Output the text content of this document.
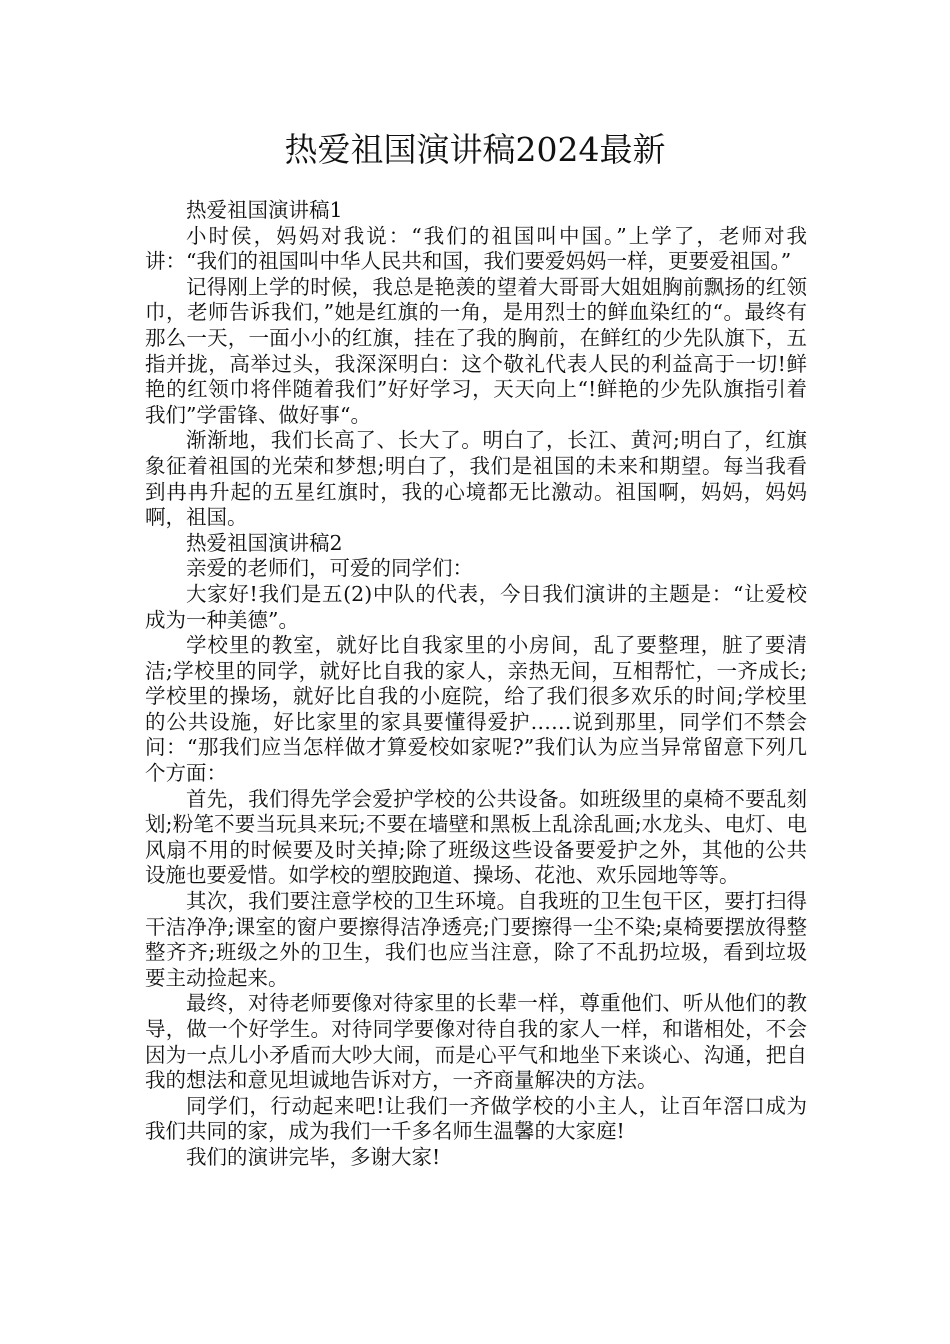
热爱祖国演讲稿2024最新

热爱祖国演讲稿1

小时侯，妈妈对我说：“我们的祖国叫中国。”上学了，老师对我讲：“我们的祖国叫中华人民共和国，我们要爱妈妈一样，更要爱祖国。”

记得刚上学的时候，我总是艳羡的望着大哥哥大姐姐胸前飘扬的红领巾，老师告诉我们，”她是红旗的一角，是用烈士的鲜血染红的“。最终有那么一天，一面小小的红旗，挂在了我的胸前，在鲜红的少先队旗下，五指并拢，高举过头，我深深明白：这个敬礼代表人民的利益高于一切!鲜艳的红领巾将伴随着我们”好好学习，天天向上“!鲜艳的少先队旗指引着我们”学雷锋、做好事“。

渐渐地，我们长高了、长大了。明白了，长江、黄河;明白了，红旗象征着祖国的光荣和梦想;明白了，我们是祖国的未来和期望。每当我看到冉冉升起的五星红旗时，我的心境都无比激动。祖国啊，妈妈，妈妈啊，祖国。

热爱祖国演讲稿2

亲爱的老师们，可爱的同学们：

大家好!我们是五(2)中队的代表，今日我们演讲的主题是：“让爱校成为一种美德”。

学校里的教室，就好比自我家里的小房间，乱了要整理，脏了要清洁;学校里的同学，就好比自我的家人，亲热无间，互相帮忙，一齐成长;学校里的操场，就好比自我的小庭院，给了我们很多欢乐的时间;学校里的公共设施，好比家里的家具要懂得爱护……说到那里，同学们不禁会问：“那我们应当怎样做才算爱校如家呢?”我们认为应当异常留意下列几个方面：

首先，我们得先学会爱护学校的公共设备。如班级里的桌椅不要乱刻划;粉笔不要当玩具来玩;不要在墙壁和黑板上乱涂乱画;水龙头、电灯、电风扇不用的时候要及时关掉;除了班级这些设备要爱护之外，其他的公共设施也要爱惜。如学校的塑胶跑道、操场、花池、欢乐园地等等。

其次，我们要注意学校的卫生环境。自我班的卫生包干区，要打扫得干洁净净;课室的窗户要擦得洁净透亮;门要擦得一尘不染;桌椅要摆放得整整齐齐;班级之外的卫生，我们也应当注意，除了不乱扔垃圾，看到垃圾要主动捡起来。

最终，对待老师要像对待家里的长辈一样，尊重他们、听从他们的教导，做一个好学生。对待同学要像对待自我的家人一样，和谐相处，不会因为一点儿小矛盾而大吵大闹，而是心平气和地坐下来谈心、沟通，把自我的想法和意见坦诚地告诉对方，一齐商量解决的方法。

同学们，行动起来吧!让我们一齐做学校的小主人，让百年滘口成为我们共同的家，成为我们一千多名师生温馨的大家庭!

我们的演讲完毕，多谢大家!
